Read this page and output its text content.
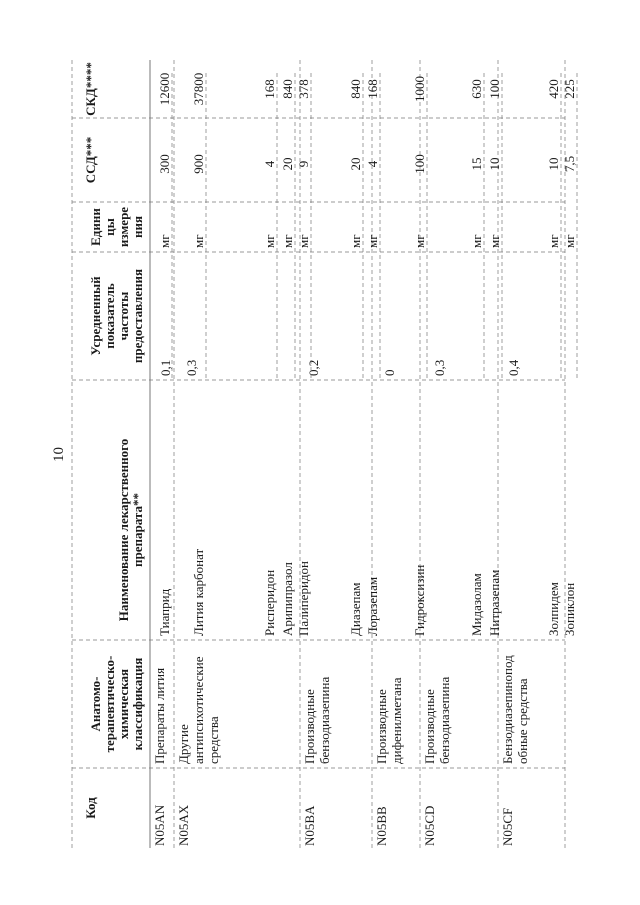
10
Код
Анатомо- терапевтическо- химическая классификация
Наименование лекарственного препарата**
Усредненный показатель частоты предоставления
Едини цы измере ния
ССД***
СКД****
N05AN
Препараты лития
0,1
N05AX
Другие антипсихотические средства
0,3
N05BA
Производные бензодиазепина
0,2
N05BB
Производные дифенилметана
0
N05CD
Производные бензодиазепина
0,3
N05CF
Бензодиазепинопод обные средства
0,4
Тиаприд
мг
300
12600
Лития карбонат
мг
900
37800
Рисперидон
мг
4
168
Арипипразол
мг
20
840
Палиперидон
мг
9
378
Диазепам
мг
20
840
Лоразепам
мг
4
168
Гидроксизин
мг
100
1000
Мидазолам
мг
15
630
Нитразепам
мг
10
100
Золпидем
мг
10
420
Зопиклон
мг
7,5
225
